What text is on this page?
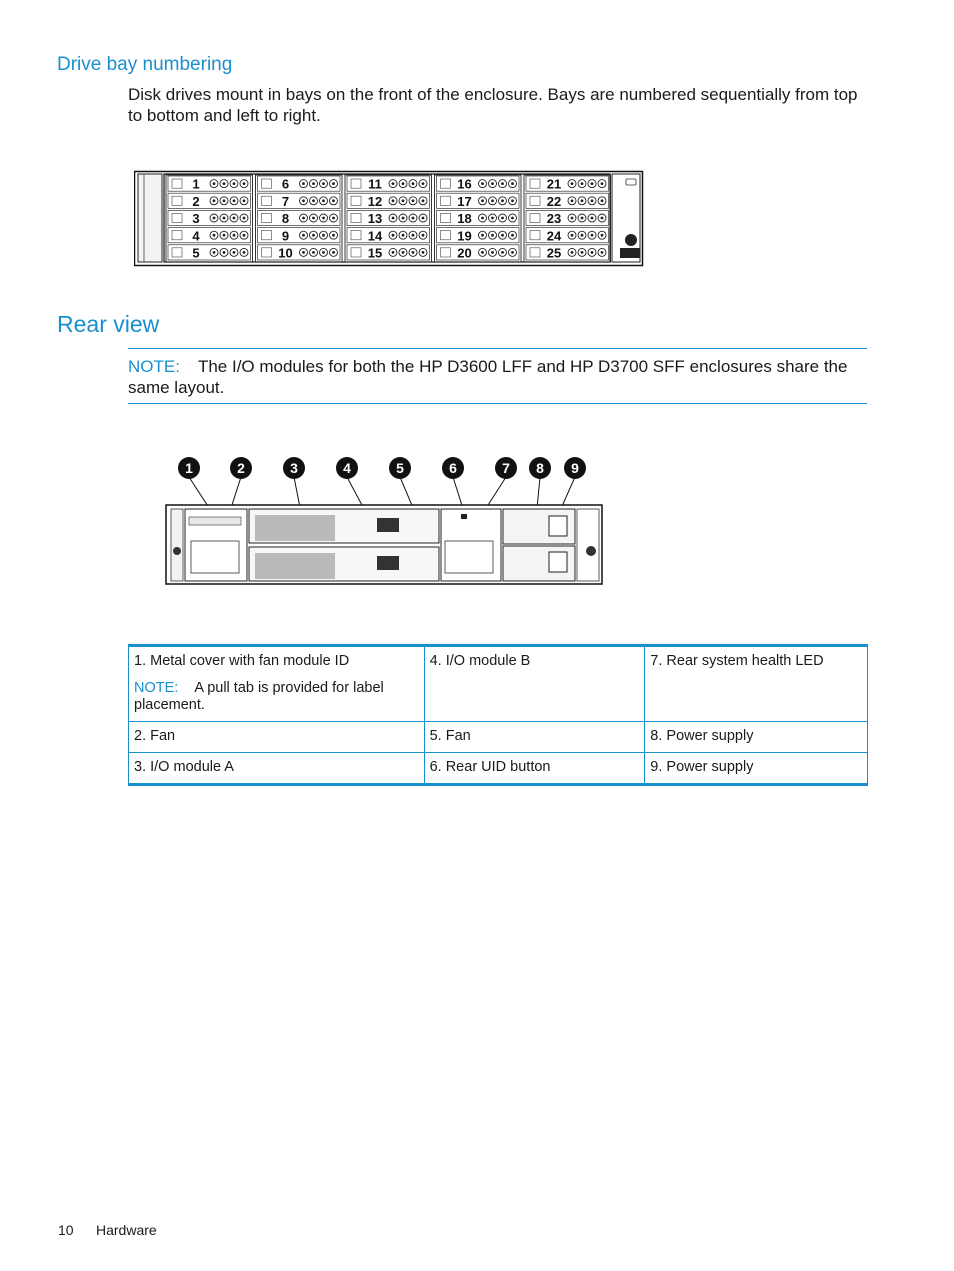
Drive bay numbering
Disk drives mount in bays on the front of the enclosure. Bays are numbered sequentially from top to bottom and left to right.
1
2
3
4
5
6
7
8
9
10
11
12
13
14
15
16
17
18
19
20
21
22
23
24
25
Rear view
NOTE: The I/O modules for both the HP D3600 LFF and HP D3700 SFF enclosures share the same layout.
1	2	3	4	5	6	7 8 9
1. Metal cover with fan module ID
NOTE: A pull tab is provided for label placement.	4. I/O module B	7. Rear system health LED
2. Fan	5. Fan	8. Power supply
3. I/O module A	6. Rear UID button	9. Power supply
10 Hardware
